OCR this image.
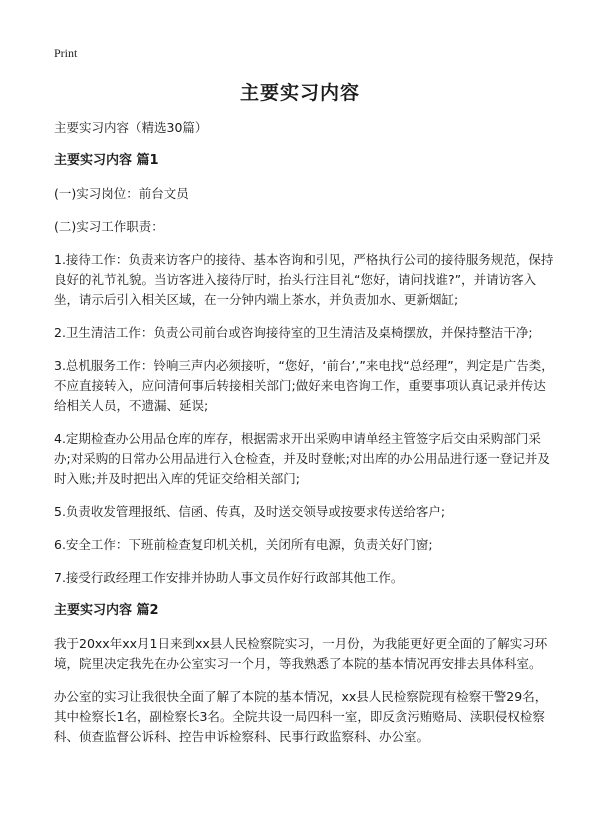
Print
主要实习内容

主要实习内容（精选30篇）

主要实习内容 篇1

(一)实习岗位：前台文员

(二)实习工作职责：

1.接待工作：负责来访客户的接待、基本咨询和引见，严格执行公司的接待服务规范，保持良好的礼节礼貌。当访客进入接待厅时，抬头行注目礼“您好，请问找谁?”，并请访客入坐，请示后引入相关区域，在一分钟内端上茶水，并负责加水、更新烟缸;

2.卫生清洁工作：负责公司前台或咨询接待室的卫生清洁及桌椅摆放，并保持整洁干净;

3.总机服务工作：铃响三声内必须接听，“您好，‘前台’,”来电找“总经理”，判定是广告类，不应直接转入，应问清何事后转接相关部门;做好来电咨询工作，重要事项认真记录并传达给相关人员，不遗漏、延误;

4.定期检查办公用品仓库的库存，根据需求开出采购申请单经主管签字后交由采购部门采办;对采购的日常办公用品进行入仓检查，并及时登帐;对出库的办公用品进行逐一登记并及时入账;并及时把出入库的凭证交给相关部门;

5.负责收发管理报纸、信函、传真，及时送交领导或按要求传送给客户;

6.安全工作：下班前检查复印机关机，关闭所有电源，负责关好门窗;

7.接受行政经理工作安排并协助人事文员作好行政部其他工作。

主要实习内容 篇2

我于20xx年xx月1日来到xx县人民检察院实习，一月份，为我能更好更全面的了解实习环境，院里决定我先在办公室实习一个月，等我熟悉了本院的基本情况再安排去具体科室。

办公室的实习让我很快全面了解了本院的基本情况，xx县人民检察院现有检察干警29名，其中检察长1名，副检察长3名。全院共设一局四科一室，即反贪污贿赂局、渎职侵权检察科、侦查监督公诉科、控告申诉检察科、民事行政监察科、办公室。
